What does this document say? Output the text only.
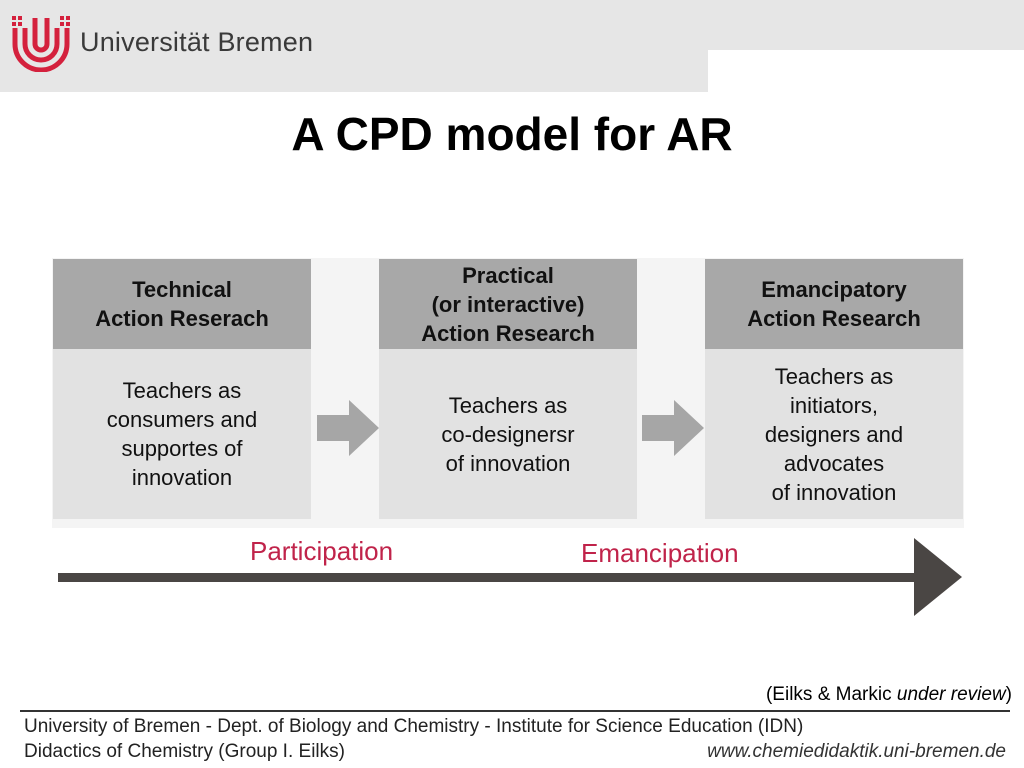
Universität Bremen
A CPD model for AR
Technical
Action Reserach
Teachers as
consumers and
supportes of
innovation
Practical
(or interactive)
Action Research
Teachers as
co-designersr
of innovation
Emancipatory
Action Research
Teachers as
initiators,
designers and
advocates
of innovation
Participation	Emancipation
(Eilks & Markic under review)
University of Bremen - Dept. of Biology and Chemistry - Institute for Science Education (IDN)
Didactics of Chemistry (Group I. Eilks)	www.chemiedidaktik.uni-bremen.de
